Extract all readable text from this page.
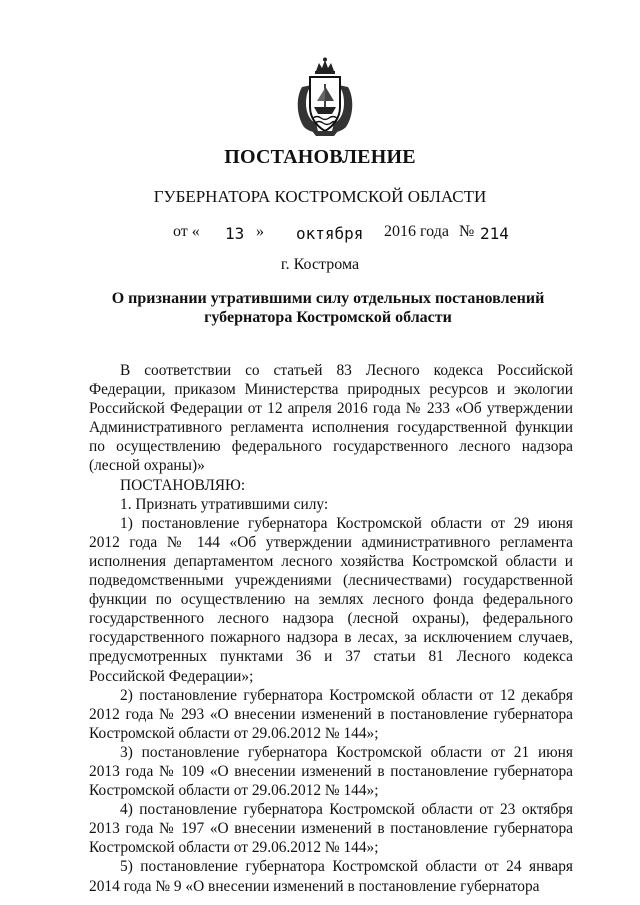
ПОСТАНОВЛЕНИЕ
ГУБЕРНАТОРА КОСТРОМСКОЙ ОБЛАСТИ
от « 13 » октября 2016 года № 214
г. Кострома
О признании утратившими силу отдельных постановлений
губернатора Костромской области

В соответствии со статьей 83 Лесного кодекса Российской Федерации, приказом Министерства природных ресурсов и экологии Российской Федерации от 12 апреля 2016 года № 233 «Об утверждении Административного регламента исполнения государственной функции по осуществлению федерального государственного лесного надзора (лесной охраны)»

ПОСТАНОВЛЯЮ:

1. Признать утратившими силу:

1) постановление губернатора Костромской области от 29 июня 2012 года № 144 «Об утверждении административного регламента исполнения департаментом лесного хозяйства Костромской области и подведомственными учреждениями (лесничествами) государственной функции по осуществлению на землях лесного фонда федерального государственного лесного надзора (лесной охраны), федерального государственного пожарного надзора в лесах, за исключением случаев, предусмотренных пунктами 36 и 37 статьи 81 Лесного кодекса Российской Федерации»;

2) постановление губернатора Костромской области от 12 декабря 2012 года № 293 «О внесении изменений в постановление губернатора Костромской области от 29.06.2012 № 144»;

3) постановление губернатора Костромской области от 21 июня 2013 года № 109 «О внесении изменений в постановление губернатора Костромской области от 29.06.2012 № 144»;

4) постановление губернатора Костромской области от 23 октября 2013 года № 197 «О внесении изменений в постановление губернатора Костромской области от 29.06.2012 № 144»;

5) постановление губернатора Костромской области от 24 января 2014 года № 9 «О внесении изменений в постановление губернатора
